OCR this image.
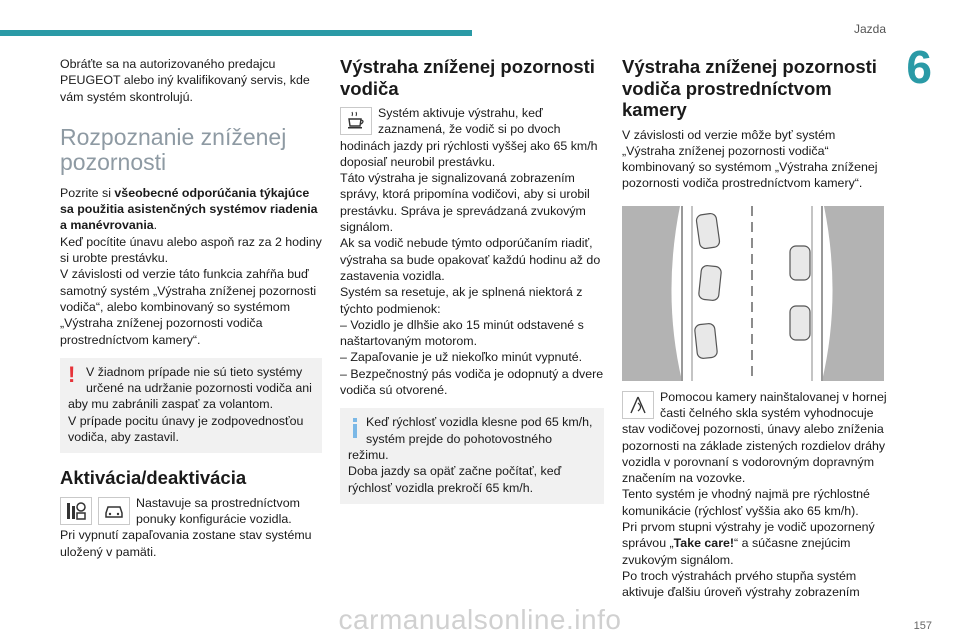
Jazda
6

Obráťte sa na autorizovaného predajcu PEUGEOT alebo iný kvalifikovaný servis, kde vám systém skontrolujú.

Rozpoznanie zníženej pozornosti

Pozrite si všeobecné odporúčania týkajúce sa použitia asistenčných systémov riadenia a manévrovania.

Keď pocítite únavu alebo aspoň raz za 2 hodiny si urobte prestávku.

V závislosti od verzie táto funkcia zahŕňa buď samotný systém „Výstraha zníženej pozornosti vodiča“, alebo kombinovaný so systémom „Výstraha zníženej pozornosti vodiča prostredníctvom kamery“.

! V žiadnom prípade nie sú tieto systémy určené na udržanie pozornosti vodiča ani aby mu zabránili zaspať za volantom.

V prípade pocitu únavy je zodpovednosťou vodiča, aby zastavil.

Aktivácia/deaktivácia

Nastavuje sa prostredníctvom ponuky konfigurácie vozidla.

Pri vypnutí zapaľovania zostane stav systému uložený v pamäti.

Výstraha zníženej pozornosti vodiča

Systém aktivuje výstrahu, keď zaznamená, že vodič si po dvoch hodinách jazdy pri rýchlosti vyššej ako 65 km/h doposiaľ neurobil prestávku.

Táto výstraha je signalizovaná zobrazením správy, ktorá pripomína vodičovi, aby si urobil prestávku. Správa je sprevádzaná zvukovým signálom.

Ak sa vodič nebude týmto odporúčaním riadiť, výstraha sa bude opakovať každú hodinu až do zastavenia vozidla.

Systém sa resetuje, ak je splnená niektorá z týchto podmienok:

– Vozidlo je dlhšie ako 15 minút odstavené s naštartovaným motorom.

– Zapaľovanie je už niekoľko minút vypnuté.

– Bezpečnostný pás vodiča je odopnutý a dvere vodiča sú otvorené.

Keď rýchlosť vozidla klesne pod 65 km/h, systém prejde do pohotovostného režimu.

Doba jazdy sa opäť začne počítať, keď rýchlosť vozidla prekročí 65 km/h.

Výstraha zníženej pozornosti vodiča prostredníctvom kamery

V závislosti od verzie môže byť systém „Výstraha zníženej pozornosti vodiča“ kombinovaný so systémom „Výstraha zníženej pozornosti vodiča prostredníctvom kamery“.

Pomocou kamery nainštalovanej v hornej časti čelného skla systém vyhodnocuje stav vodičovej pozornosti, únavy alebo zníženia pozornosti na základe zistených rozdielov dráhy vozidla v porovnaní s vodorovným dopravným značením na vozovke.

Tento systém je vhodný najmä pre rýchlostné komunikácie (rýchlosť vyššia ako 65 km/h).

Pri prvom stupni výstrahy je vodič upozornený správou „Take care!“ a súčasne znejúcim zvukovým signálom.

Po troch výstrahách prvého stupňa systém aktivuje ďalšiu úroveň výstrahy zobrazením

carmanualsonline.info	157
